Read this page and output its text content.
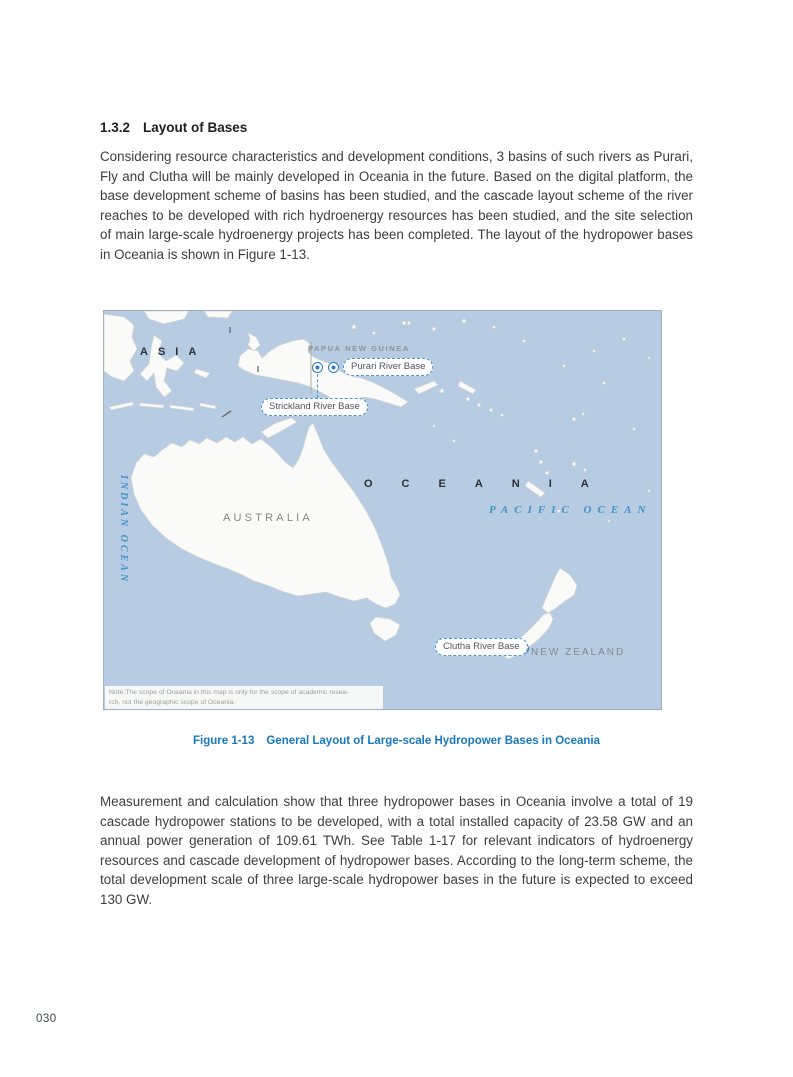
1.3.2 Layout of Bases

Considering resource characteristics and development conditions, 3 basins of such rivers as Purari, Fly and Clutha will be mainly developed in Oceania in the future. Based on the digital platform, the base development scheme of basins has been studied, and the cascade layout scheme of the river reaches to be developed with rich hydroenergy resources has been studied, and the site selection of main large-scale hydroenergy projects has been completed. The layout of the hydropower bases in Oceania is shown in Figure 1-13.

ASIA	PAPUA NEW GUINEA
OCEANIA
PACIFIC OCEAN
INDIAN OCEAN	AUSTRALIA
NEW ZEALAND
Purari River Base
Strickland River Base
Clutha River Base
Note:The scope of Oceania in this map is only for the scope of academic resea-
rch, not the geographic scope of Oceania.

Figure 1-13 General Layout of Large-scale Hydropower Bases in Oceania

Measurement and calculation show that three hydropower bases in Oceania involve a total of 19 cascade hydropower stations to be developed, with a total installed capacity of 23.58 GW and an annual power generation of 109.61 TWh. See Table 1-17 for relevant indicators of hydroenergy resources and cascade development of hydropower bases. According to the long-term scheme, the total development scale of three large-scale hydropower bases in the future is expected to exceed 130 GW.

030
